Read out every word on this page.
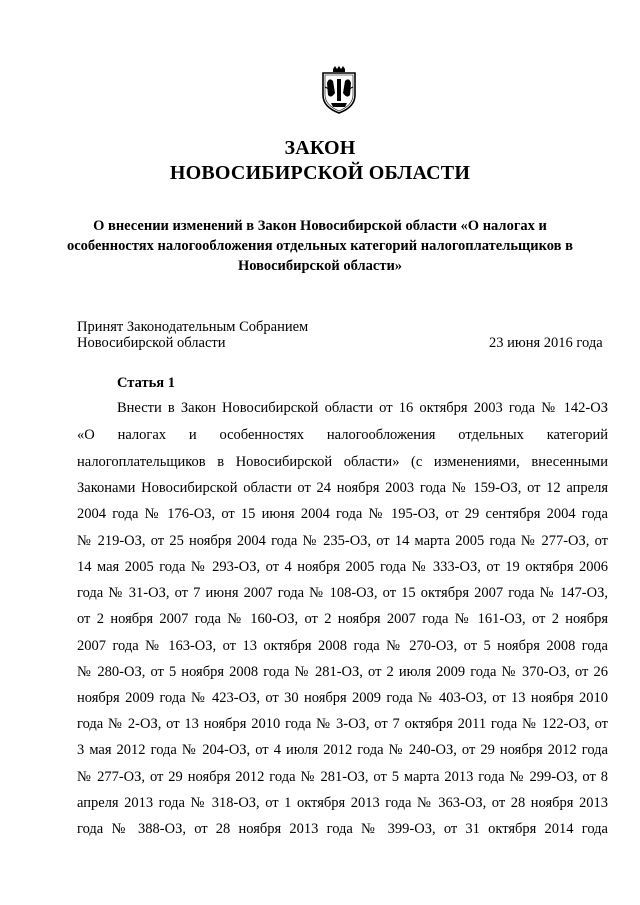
ЗАКОН
НОВОСИБИРСКОЙ ОБЛАСТИ
О внесении изменений в Закон Новосибирской области «О налогах и
особенностях налогообложения отдельных категорий налогоплательщиков в
Новосибирской области»
Принят Законодательным Собранием
Новосибирской области	23 июня 2016 года
Статья 1
Внести в Закон Новосибирской области от 16 октября 2003 года № 142-ОЗ
«О налогах и особенностях налогообложения отдельных категорий
налогоплательщиков в Новосибирской области» (с изменениями, внесенными
Законами Новосибирской области от 24 ноября 2003 года № 159-ОЗ, от 12 апреля
2004 года № 176-ОЗ, от 15 июня 2004 года № 195-ОЗ, от 29 сентября 2004 года
№ 219-ОЗ, от 25 ноября 2004 года № 235-ОЗ, от 14 марта 2005 года № 277-ОЗ, от
14 мая 2005 года № 293-ОЗ, от 4 ноября 2005 года № 333-ОЗ, от 19 октября 2006
года № 31-ОЗ, от 7 июня 2007 года № 108-ОЗ, от 15 октября 2007 года № 147-ОЗ,
от 2 ноября 2007 года № 160-ОЗ, от 2 ноября 2007 года № 161-ОЗ, от 2 ноября
2007 года № 163-ОЗ, от 13 октября 2008 года № 270-ОЗ, от 5 ноября 2008 года
№ 280-ОЗ, от 5 ноября 2008 года № 281-ОЗ, от 2 июля 2009 года № 370-ОЗ, от 26
ноября 2009 года № 423-ОЗ, от 30 ноября 2009 года № 403-ОЗ, от 13 ноября 2010
года № 2-ОЗ, от 13 ноября 2010 года № 3-ОЗ, от 7 октября 2011 года № 122-ОЗ, от
3 мая 2012 года № 204-ОЗ, от 4 июля 2012 года № 240-ОЗ, от 29 ноября 2012 года
№ 277-ОЗ, от 29 ноября 2012 года № 281-ОЗ, от 5 марта 2013 года № 299-ОЗ, от 8
апреля 2013 года № 318-ОЗ, от 1 октября 2013 года № 363-ОЗ, от 28 ноября 2013
года № 388-ОЗ, от 28 ноября 2013 года № 399-ОЗ, от 31 октября 2014 года
